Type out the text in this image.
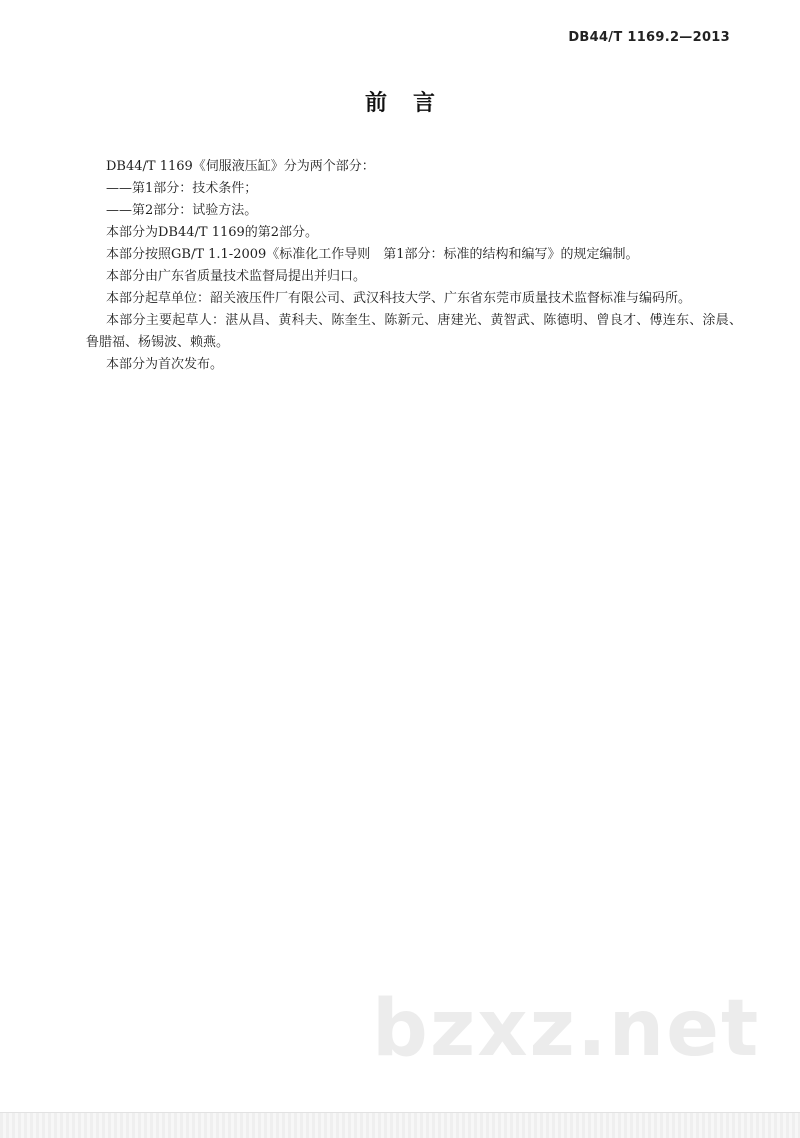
DB44/T 1169.2—2013
前言

DB44/T 1169《伺服液压缸》分为两个部分：

——第1部分：技术条件；

——第2部分：试验方法。

本部分为DB44/T 1169的第2部分。

本部分按照GB/T 1.1-2009《标准化工作导则　第1部分：标准的结构和编写》的规定编制。

本部分由广东省质量技术监督局提出并归口。

本部分起草单位：韶关液压件厂有限公司、武汉科技大学、广东省东莞市质量技术监督标准与编码所。

本部分主要起草人：湛从昌、黄科夫、陈奎生、陈新元、唐建光、黄智武、陈德明、曾良才、傅连东、涂晨、鲁腊福、杨锡波、赖燕。

本部分为首次发布。

bzxz.net
